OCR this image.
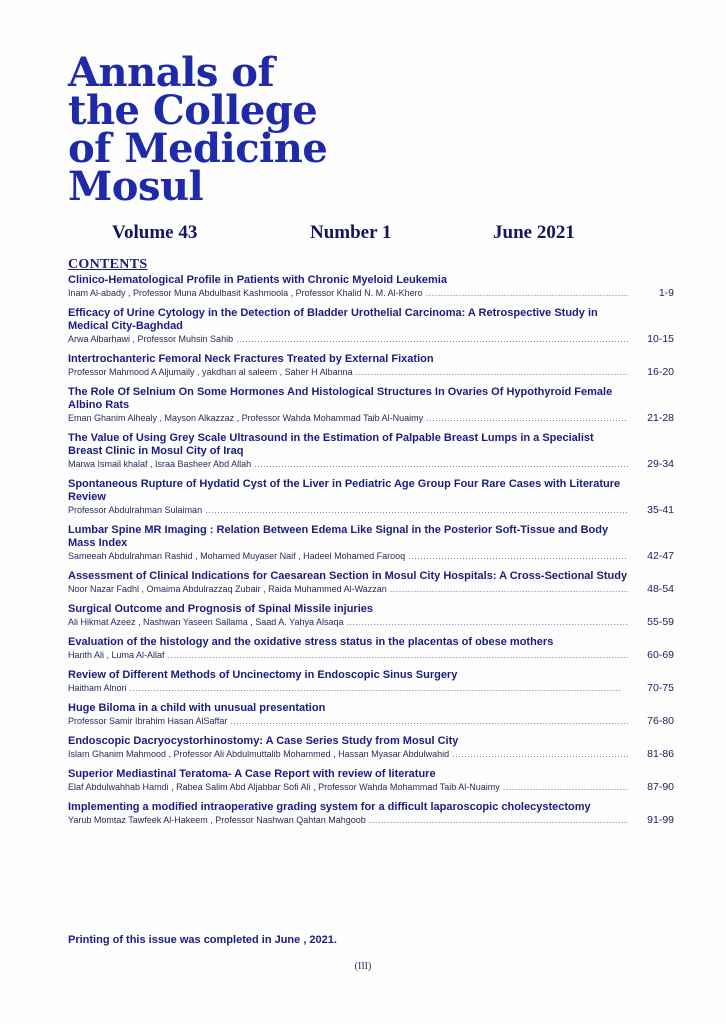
Annals of
the College
of Medicine
Mosul
Volume 43	Number 1	June 2021
CONTENTS
Clinico-Hematological Profile in Patients with Chronic Myeloid Leukemia
Inam Al-abady , Professor Muna Abdulbasit Kashmoola , Professor Khalid N. M. Al-Khero .....	1-9
Efficacy of Urine Cytology in the Detection of Bladder Urothelial Carcinoma: A Retrospective Study in Medical City-Baghdad
Arwa Albarhawi , Professor Muhsin Sahib .....	10-15
Intertrochanteric Femoral Neck Fractures Treated by External Fixation
Professor Mahmood A Aljumaily , yakdhan al saleem , Saher H Albanna .....	16-20
The Role Of Selnium On Some Hormones And Histological Structures In Ovaries Of Hypothyroid Female Albino Rats
Eman Ghanim Alhealy , Mayson Alkazzaz , Professor Wahda Mohammad Taib Al-Nuaimy .....	21-28
The Value of Using Grey Scale Ultrasound in the Estimation of Palpable Breast Lumps in a Specialist Breast Clinic in Mosul City of Iraq
Marwa Ismail khalaf , Israa Basheer Abd Allah .....	29-34
Spontaneous Rupture of Hydatid Cyst of the Liver in Pediatric Age Group Four Rare Cases with Literature Review
Professor Abdulrahman Sulaiman .....	35-41
Lumbar Spine MR Imaging : Relation Between Edema Like Signal in the Posterior Soft-Tissue and Body Mass Index
Sameeah Abdulrahman Rashid , Mohamed Muyaser Naif , Hadeel Mohamed Farooq .....	42-47
Assessment of Clinical Indications for Caesarean Section in Mosul City Hospitals: A Cross-Sectional Study
Noor Nazar Fadhl , Omaima Abdulrazzaq Zubair , Raida Muhammed Al-Wazzan .....	48-54
Surgical Outcome and Prognosis of Spinal Missile injuries
Ali Hikmat Azeez , Nashwan Yaseen Sallama , Saad A. Yahya Alsaqa .....	55-59
Evaluation of the histology and the oxidative stress status in the placentas of obese mothers
Harith Ali , Luma Al-Allaf .....	60-69
Review of Different Methods of Uncinectomy in Endoscopic Sinus Surgery
Haitham Alnori .....	70-75
Huge Biloma in a child with unusual presentation
Professor Samir Ibrahim Hasan AlSaffar .....	76-80
Endoscopic Dacryocystorhinostomy: A Case Series Study from Mosul City
Islam Ghanim Mahmood , Professor Ali Abdulmuttalib Mohammed , Hassan Myasar Abdulwahid .....	81-86
Superior Mediastinal Teratoma- A Case Report with review of literature
Elaf Abdulwahhab Hamdi , Rabea Salim Abd Aljabbar Sofi Ali , Professor Wahda Mohammad Taib Al-Nuaimy .....	87-90
Implementing a modified intraoperative grading system for a difficult laparoscopic cholecystectomy
Yarub Momtaz Tawfeek Al-Hakeem , Professor Nashwan Qahtan Mahgoob .....	91-99
Printing of this issue was completed in June , 2021.
(III)
